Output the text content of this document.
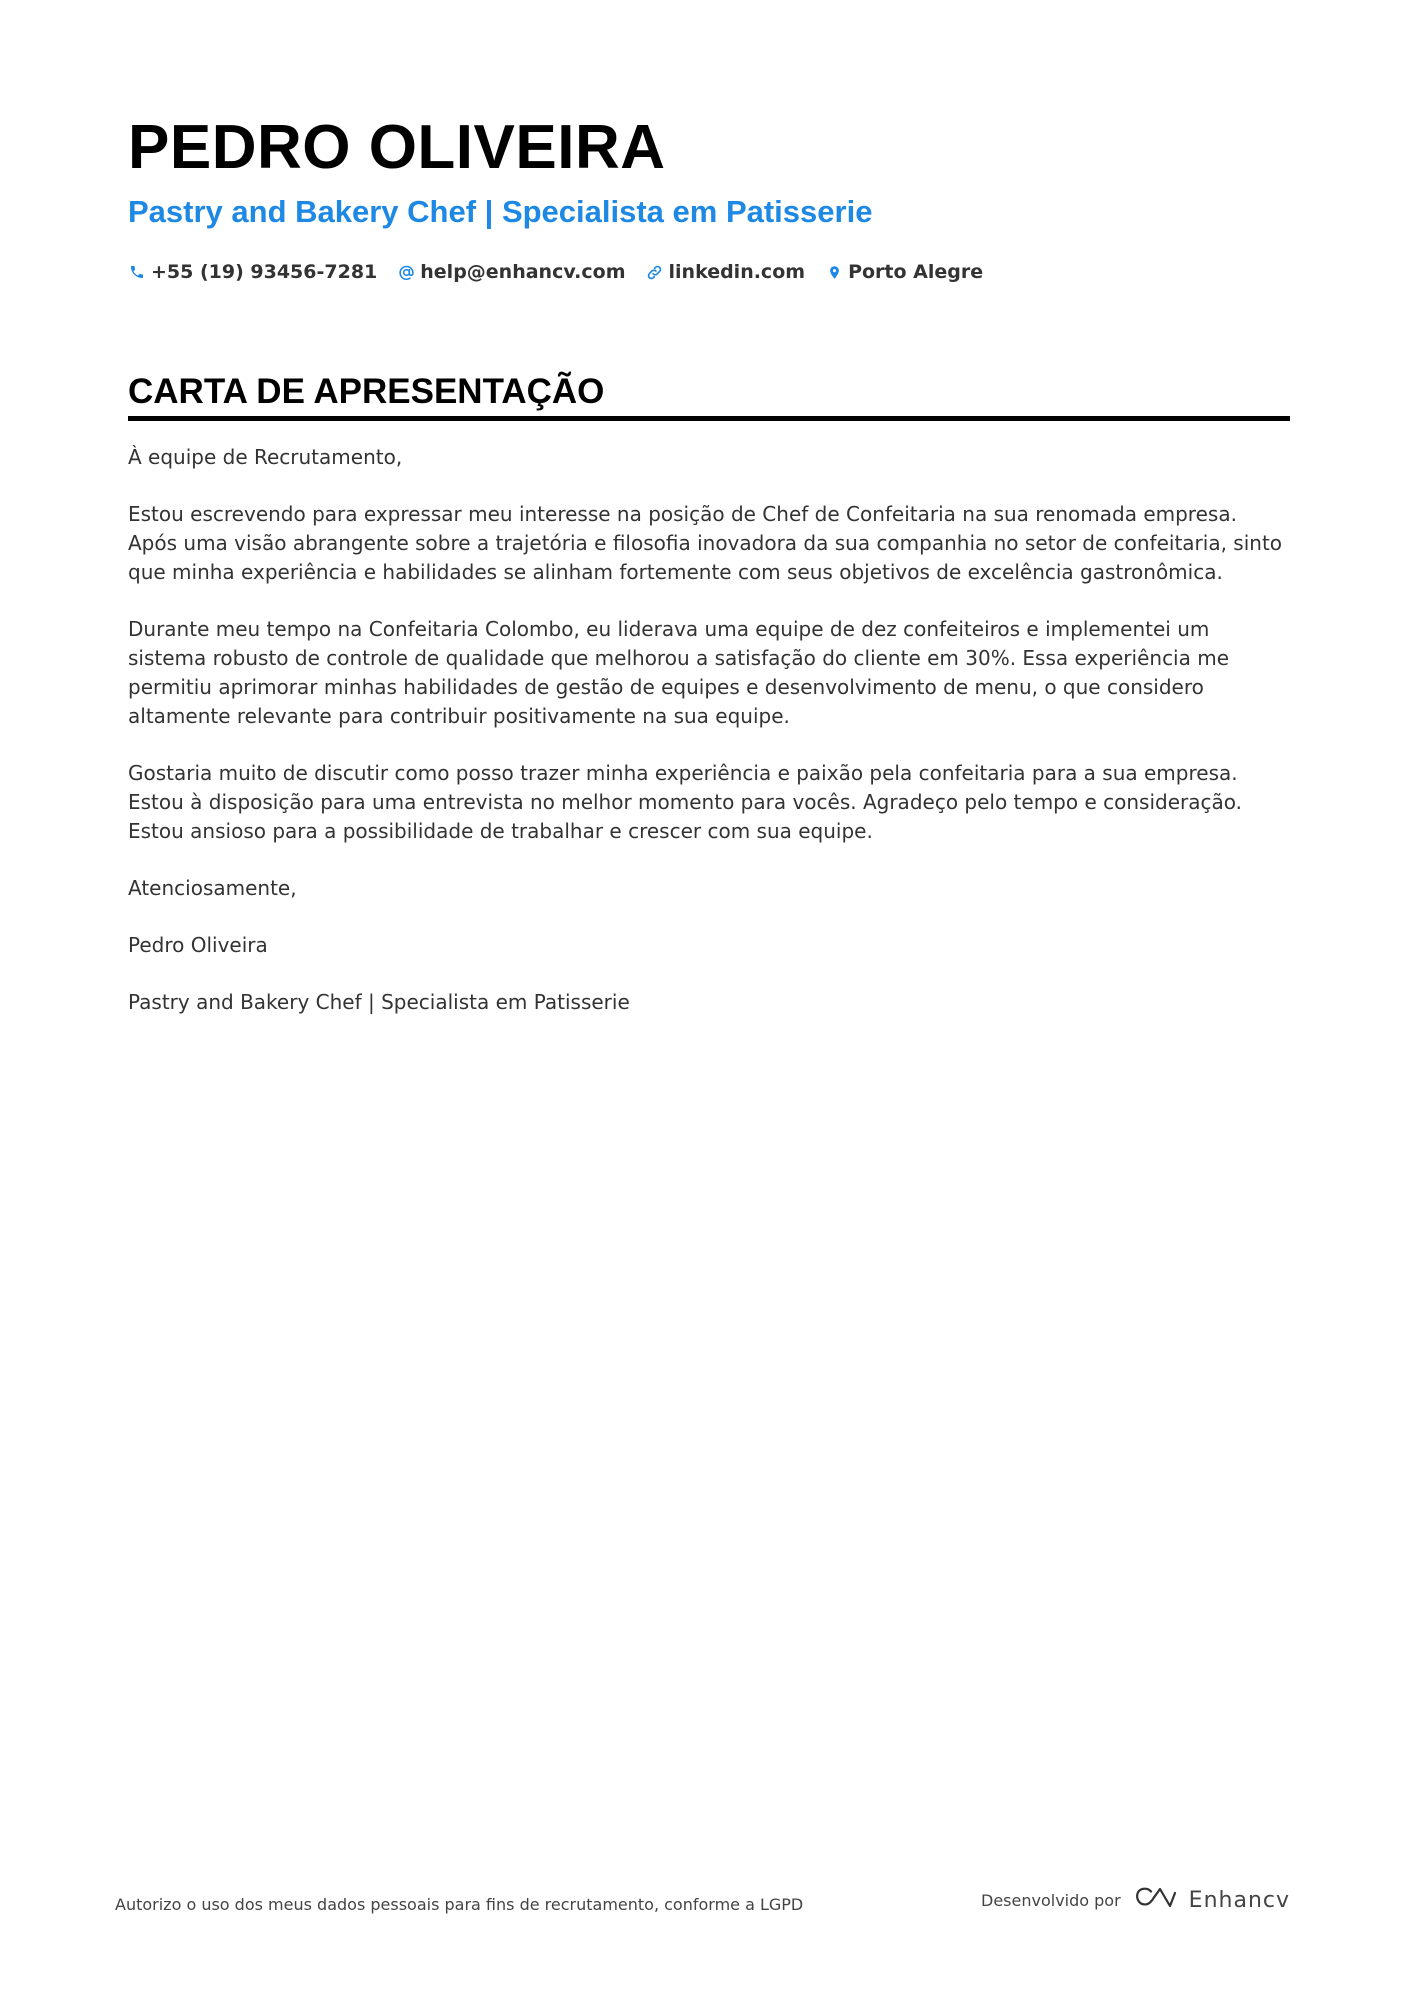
PEDRO OLIVEIRA
Pastry and Bakery Chef | Specialista em Patisserie
+55 (19) 93456-7281 help@enhancv.com linkedin.com Porto Alegre
CARTA DE APRESENTAÇÃO

À equipe de Recrutamento,

Estou escrevendo para expressar meu interesse na posição de Chef de Confeitaria na sua renomada empresa. Após uma visão abrangente sobre a trajetória e filosofia inovadora da sua companhia no setor de confeitaria, sinto que minha experiência e habilidades se alinham fortemente com seus objetivos de excelência gastronômica.

Durante meu tempo na Confeitaria Colombo, eu liderava uma equipe de dez confeiteiros e implementei um sistema robusto de controle de qualidade que melhorou a satisfação do cliente em 30%. Essa experiência me permitiu aprimorar minhas habilidades de gestão de equipes e desenvolvimento de menu, o que considero altamente relevante para contribuir positivamente na sua equipe.

Gostaria muito de discutir como posso trazer minha experiência e paixão pela confeitaria para a sua empresa. Estou à disposição para uma entrevista no melhor momento para vocês. Agradeço pelo tempo e consideração. Estou ansioso para a possibilidade de trabalhar e crescer com sua equipe.

Atenciosamente,

Pedro Oliveira

Pastry and Bakery Chef | Specialista em Patisserie

Autorizo o uso dos meus dados pessoais para fins de recrutamento, conforme a LGPD	Desenvolvido por	Enhancv
